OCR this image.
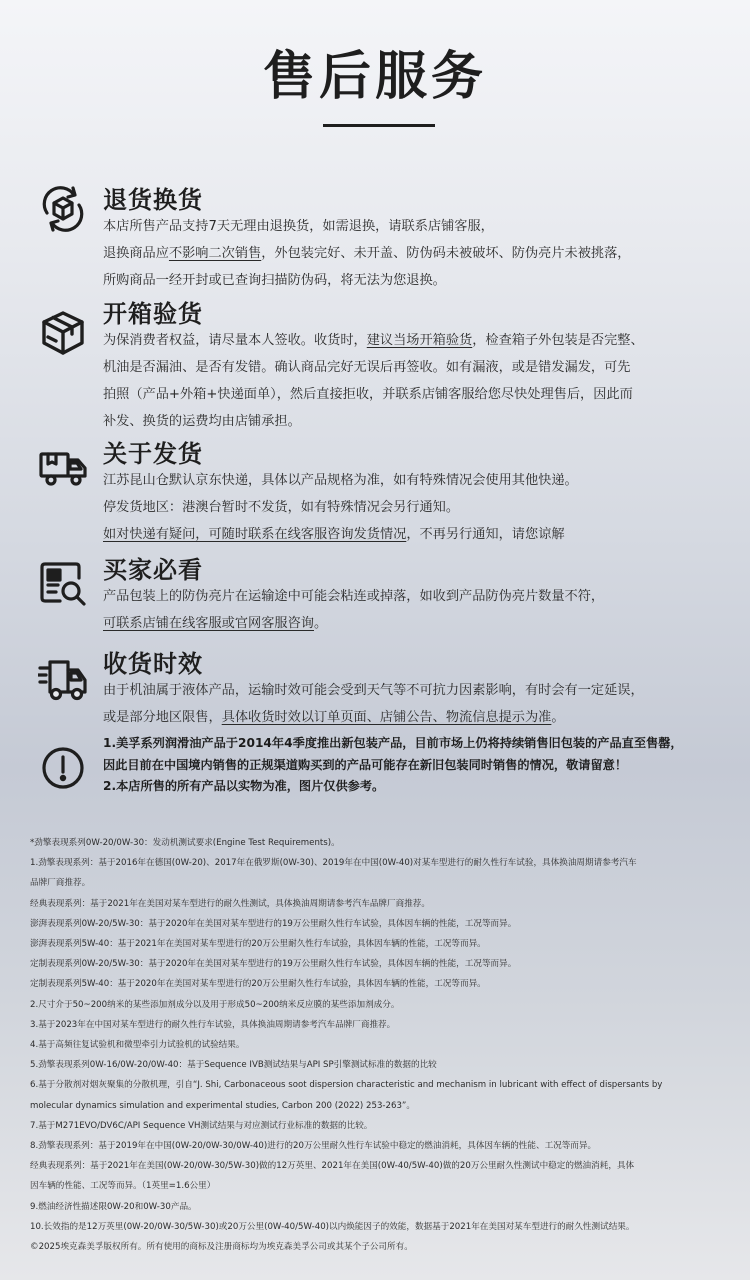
售后服务
退货换货
本店所售产品支持7天无理由退换货，如需退换，请联系店铺客服，
退换商品应不影响二次销售，外包装完好、未开盖、防伪码未被破坏、防伪亮片未被挑落，
所购商品一经开封或已查询扫描防伪码，将无法为您退换。
开箱验货
为保消费者权益，请尽量本人签收。收货时，建议当场开箱验货，检查箱子外包装是否完整、
机油是否漏油、是否有发错。确认商品完好无误后再签收。如有漏液，或是错发漏发，可先
拍照（产品+外箱+快递面单），然后直接拒收，并联系店铺客服给您尽快处理售后，因此而
补发、换货的运费均由店铺承担。
关于发货
江苏昆山仓默认京东快递，具体以产品规格为准，如有特殊情况会使用其他快递。
停发货地区：港澳台暂时不发货，如有特殊情况会另行通知。
如对快递有疑问，可随时联系在线客服咨询发货情况，不再另行通知，请您谅解
买家必看
产品包装上的防伪亮片在运输途中可能会粘连或掉落，如收到产品防伪亮片数量不符，
可联系店铺在线客服或官网客服咨询。
收货时效
由于机油属于液体产品，运输时效可能会受到天气等不可抗力因素影响，有时会有一定延误，
或是部分地区限售，具体收货时效以订单页面、店铺公告、物流信息提示为准。
1.美孚系列润滑油产品于2014年4季度推出新包装产品，目前市场上仍将持续销售旧包装的产品直至售罄，
因此目前在中国境内销售的正规渠道购买到的产品可能存在新旧包装同时销售的情况，敬请留意！
2.本店所售的所有产品以实物为准，图片仅供参考。
*劲擎表现系列0W-20/0W-30：发动机测试要求(Engine Test Requirements)。
1.劲擎表现系列：基于2016年在德国(0W-20)、2017年在俄罗斯(0W-30)、2019年在中国(0W-40)对某车型进行的耐久性行车试验，具体换油周期请参考汽车
品牌厂商推荐。
经典表现系列：基于2021年在美国对某车型进行的耐久性测试，具体换油周期请参考汽车品牌厂商推荐。
澎湃表现系列0W-20/5W-30：基于2020年在美国对某车型进行的19万公里耐久性行车试验，具体因车辆的性能，工况等而异。
澎湃表现系列5W-40：基于2021年在美国对某车型进行的20万公里耐久性行车试验，具体因车辆的性能，工况等而异。
定制表现系列0W-20/5W-30：基于2020年在美国对某车型进行的19万公里耐久性行车试验，具体因车辆的性能，工况等而异。
定制表现系列5W-40：基于2020年在美国对某车型进行的20万公里耐久性行车试验，具体因车辆的性能，工况等而异。
2.尺寸介于50~200纳米的某些添加剂成分以及用于形成50~200纳米反应膜的某些添加剂成分。
3.基于2023年在中国对某车型进行的耐久性行车试验，具体换油周期请参考汽车品牌厂商推荐。
4.基于高频往复试验机和微型牵引力试验机的试验结果。
5.劲擎表现系列0W-16/0W-20/0W-40：基于Sequence IVB测试结果与API SP引擎测试标准的数据的比较
6.基于分散剂对烟灰聚集的分散机理，引自“J. Shi, Carbonaceous soot dispersion characteristic and mechanism in lubricant with effect of dispersants by
molecular dynamics simulation and experimental studies, Carbon 200 (2022) 253-263”。
7.基于M271EVO/DV6C/API Sequence VH测试结果与对应测试行业标准的数据的比较。
8.劲擎表现系列：基于2019年在中国(0W-20/0W-30/0W-40)进行的20万公里耐久性行车试验中稳定的燃油消耗，具体因车辆的性能、工况等而异。
经典表现系列：基于2021年在美国(0W-20/0W-30/5W-30)做的12万英里、2021年在美国(0W-40/5W-40)做的20万公里耐久性测试中稳定的燃油消耗，具体
因车辆的性能、工况等而异。（1英里=1.6公里）
9.燃油经济性描述限0W-20和0W-30产品。
10.长效指的是12万英里(0W-20/0W-30/5W-30)或20万公里(0W-40/5W-40)以内焕能因子的效能，数据基于2021年在美国对某车型进行的耐久性测试结果。
©2025埃克森美孚版权所有。所有使用的商标及注册商标均为埃克森美孚公司或其某个子公司所有。
